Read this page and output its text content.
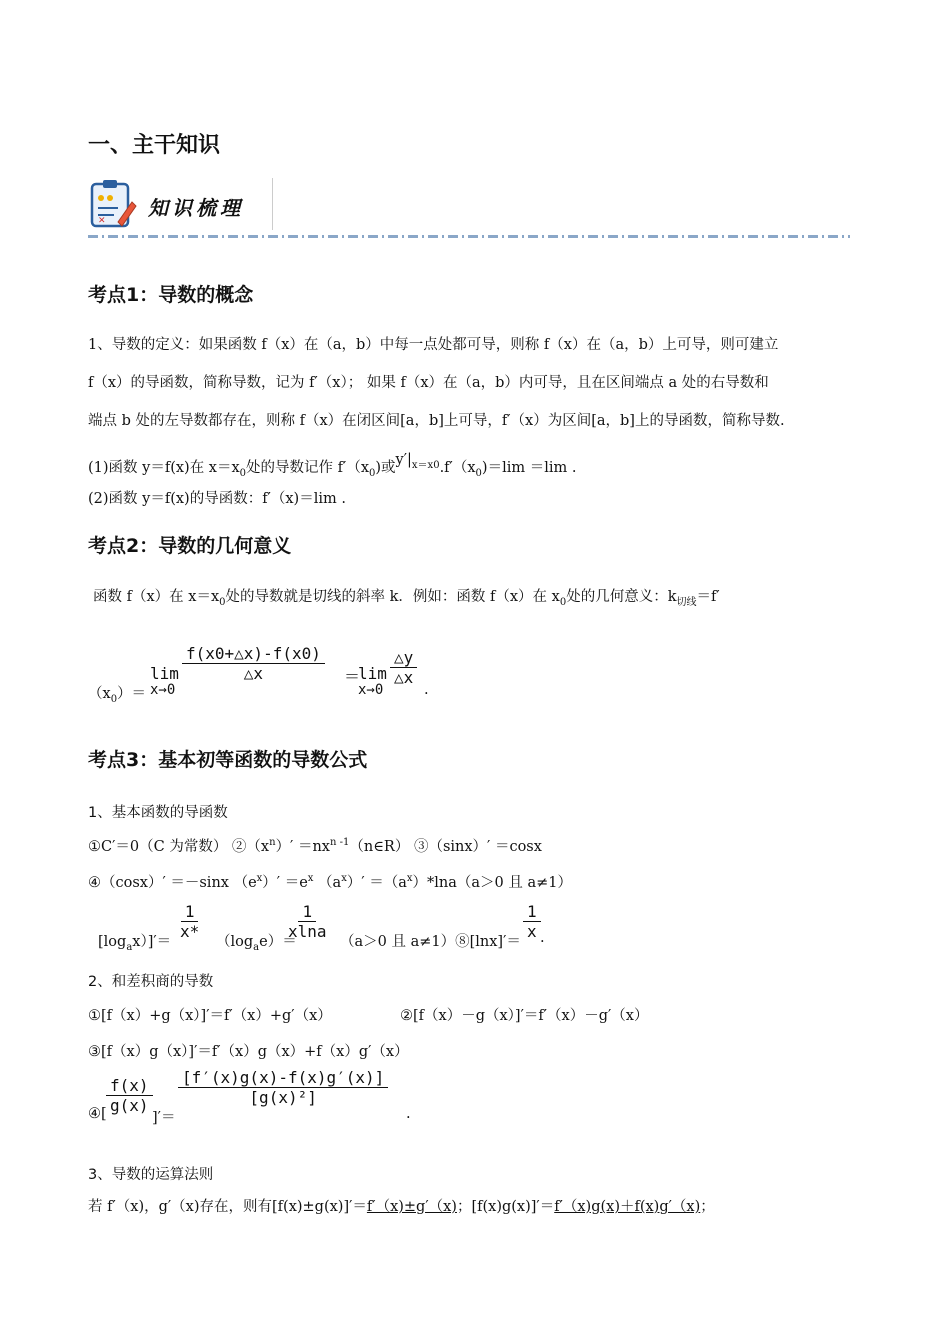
一、主干知识
✕
知识梳理
考点1：导数的概念
1、导数的定义：如果函数 f（x）在（a，b）中每一点处都可导，则称 f（x）在（a，b）上可导，则可建立
f（x）的导函数，简称导数，记为 f′（x）； 如果 f（x）在（a，b）内可导，且在区间端点 a 处的右导数和
端点 b 处的左导数都存在，则称 f（x）在闭区间[a，b]上可导，f′（x）为区间[a，b]上的导函数，简称导数.
(1)函数 y＝f(x)在 $x=x_0$处的导数记作 $f'(x_0)$或$y'|_{x=x0}.f'(x_0)=\lim =\lim$ .
(2)函数 y＝f(x)的导函数：f′（x)＝lim .
考点2：导数的几何意义
函数 f（x）在 $x=x_0$处的导数就是切线的斜率 k．例如：函数 f（x）在 $x_0$处的几何意义：$k_{切线}=f'$
$(x_0)=$
lim
x→0
$\frac{f(x0+\triangle x)-f(x0)}{\triangle x}$ ＝
lim
x→0
$\frac{\triangle y}{\triangle x}$
.
考点3：基本初等函数的导数公式
1、基本函数的导函数
①C′＝0（C 为常数） $②(x^n)'$ $=nx^{n -1}(n\in R)$ ③（sinx）′ ＝cosx
④（cosx）′ ＝－sinx $(e^x)' =e^x$ $(a^x)' =(a^x)*\ln a(a>0$ 且 a≠1）
$[\log_ax)]'=$
$\frac{1}{x*}$
$(\log_ae)=$
$\frac{1}{xlna}$
（a＞0 且 a≠1）⑧[lnx]′＝
$\frac{1}{x}$ .
2、和差积商的导数
①[f（x）+g（x）]′＝f′（x）+g′（x）	②[f（x）－g（x）]′＝f′（x）－g′（x）
③[f（x）g（x）]′＝f′（x）g（x）+f（x）g′（x）
④[ $\frac{f(x)}{g(x)}$
]′＝
$\frac{[f'(x)g(x)-f(x)g'(x)]}{\text{[g(x)²]}}$
.
3、导数的运算法则
若 f′（x)，g′（x)存在，则有[f(x)±g(x)]′＝f′（x)±g′（x)；[f(x)g(x)]′＝f′（x)g(x)＋f(x)g′（x)；
